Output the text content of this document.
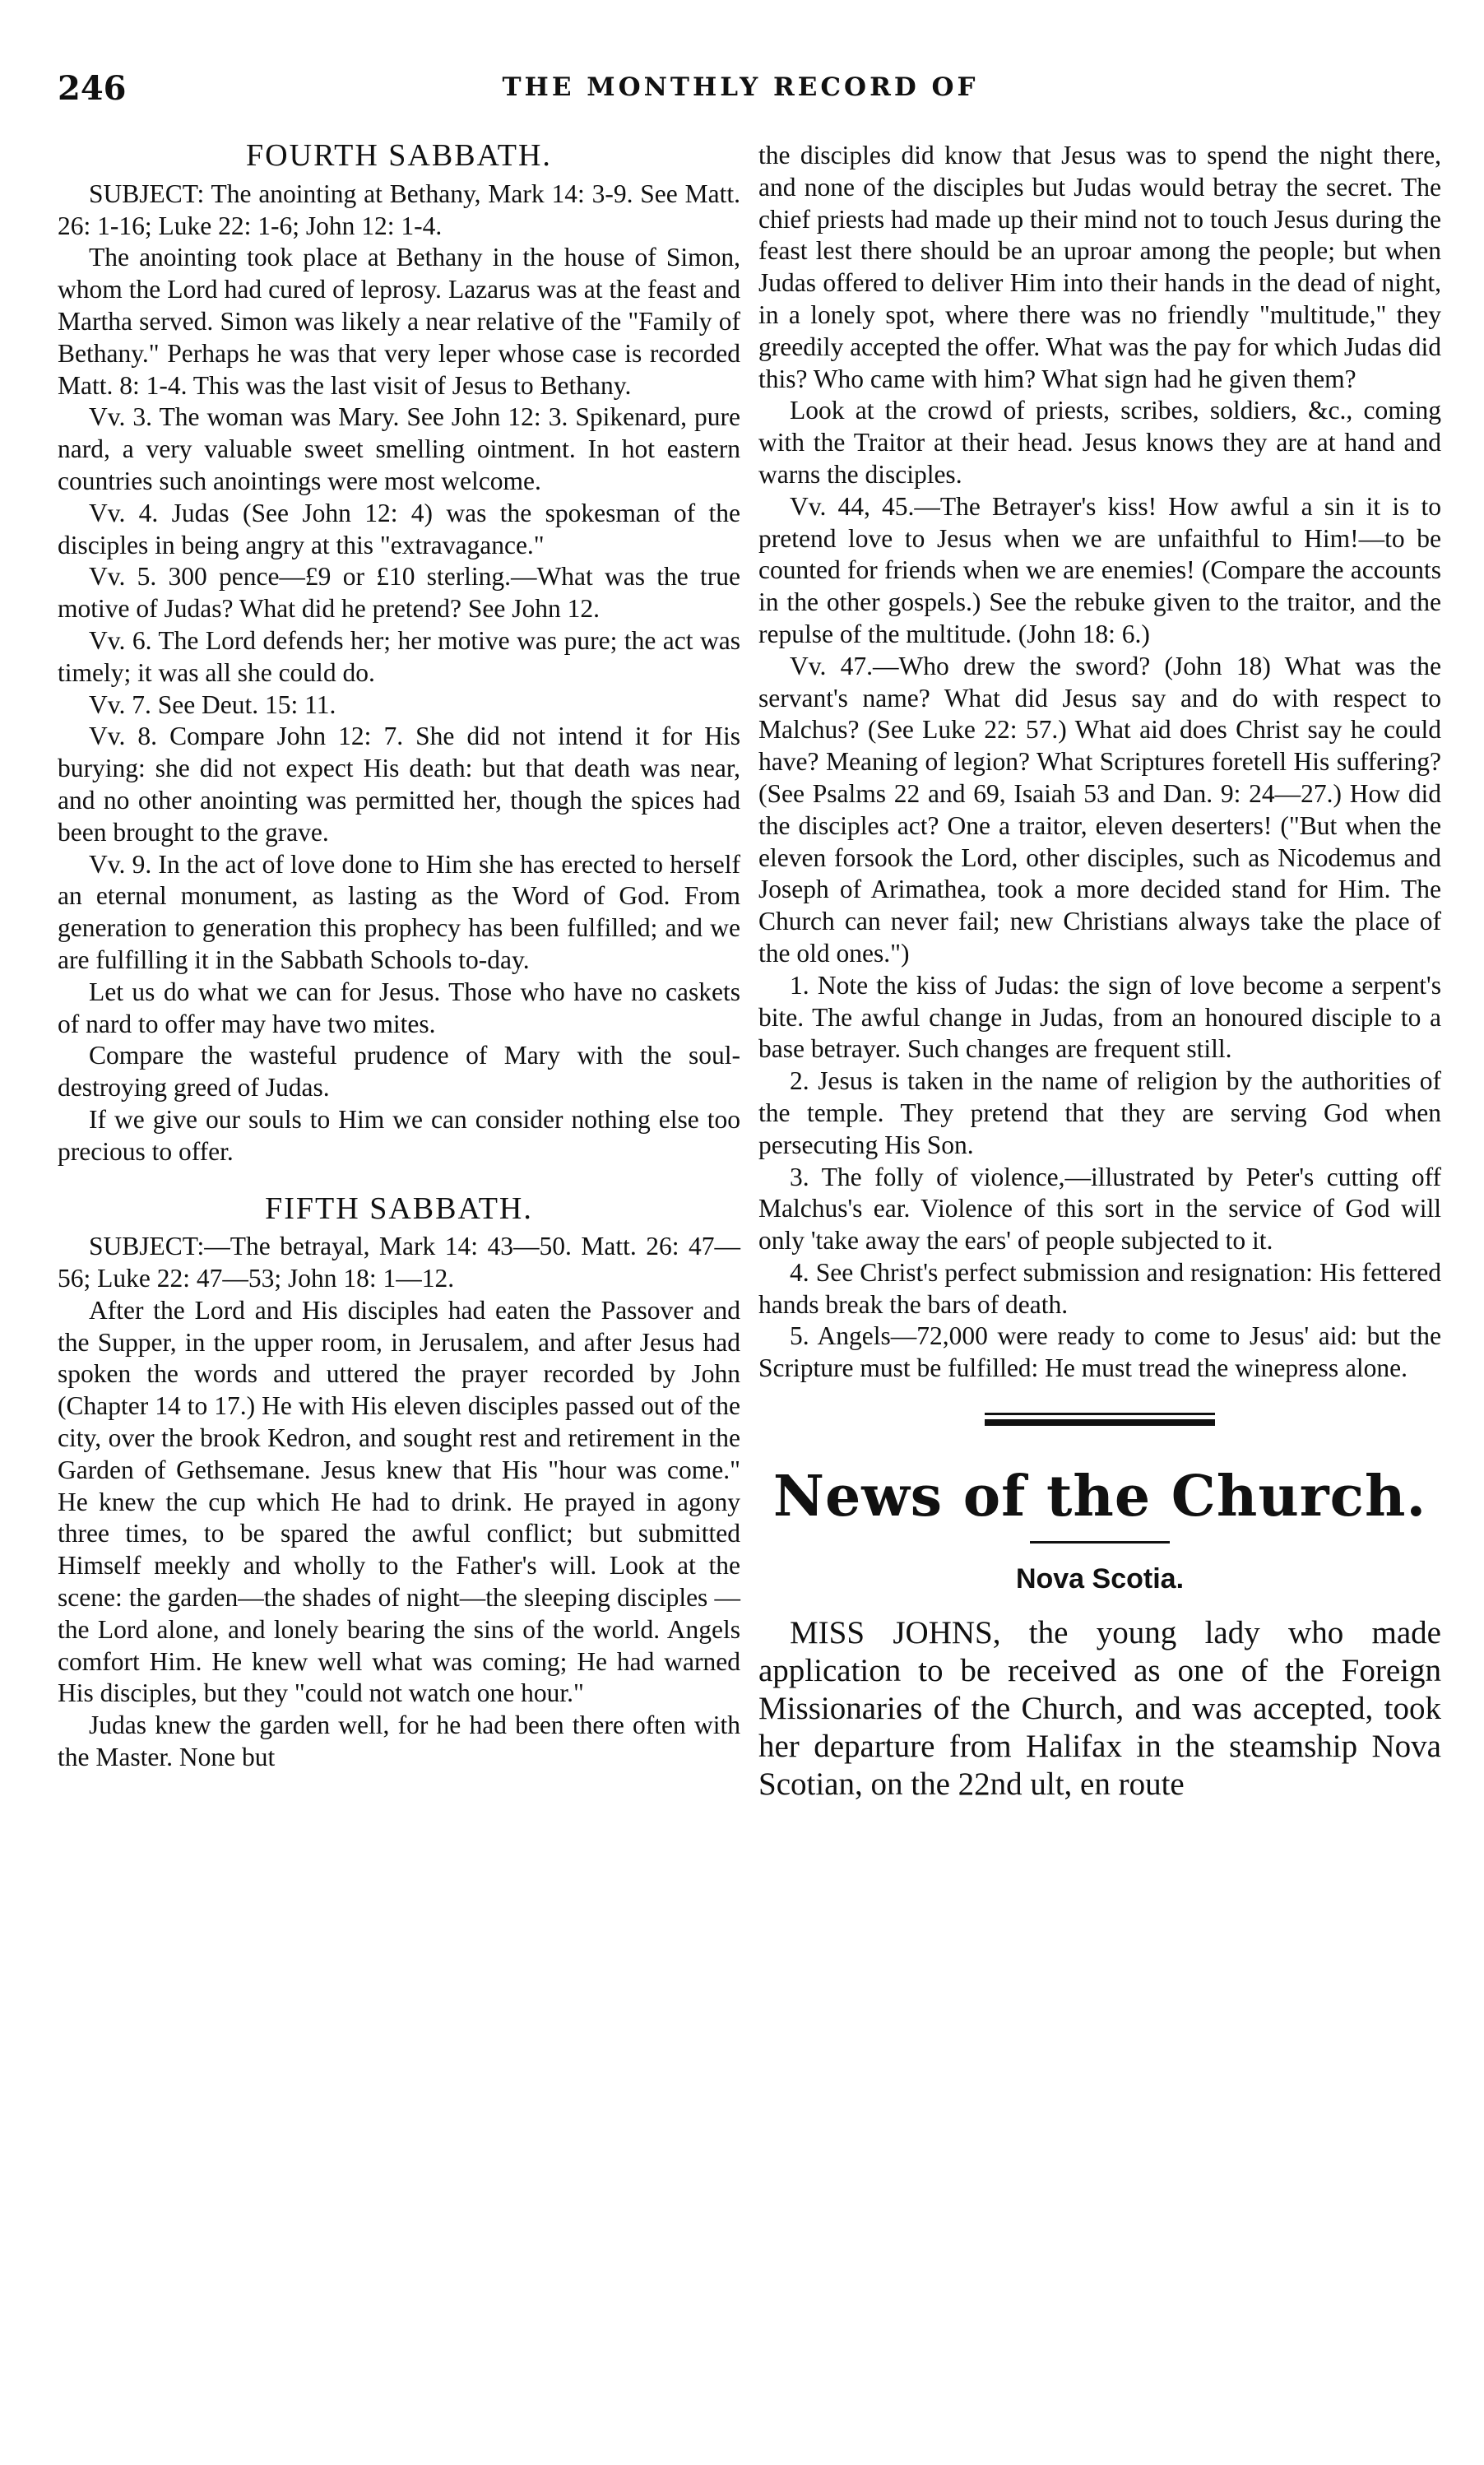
246	THE MONTHLY RECORD OF
FOURTH SABBATH.

SUBJECT: The anointing at Bethany, Mark 14: 3-9. See Matt. 26: 1-16; Luke 22: 1-6; John 12: 1-4.

The anointing took place at Bethany in the house of Simon, whom the Lord had cured of leprosy. Lazarus was at the feast and Martha served. Simon was likely a near relative of the "Family of Bethany." Perhaps he was that very leper whose case is recorded Matt. 8: 1-4. This was the last visit of Jesus to Bethany.

Vv. 3. The woman was Mary. See John 12: 3. Spikenard, pure nard, a very valuable sweet smelling ointment. In hot eastern countries such anointings were most welcome.

Vv. 4. Judas (See John 12: 4) was the spokesman of the disciples in being angry at this "extravagance."

Vv. 5. 300 pence—£9 or £10 sterling.—What was the true motive of Judas? What did he pretend? See John 12.

Vv. 6. The Lord defends her; her motive was pure; the act was timely; it was all she could do.

Vv. 7. See Deut. 15: 11.

Vv. 8. Compare John 12: 7. She did not intend it for His burying: she did not expect His death: but that death was near, and no other anointing was permitted her, though the spices had been brought to the grave.

Vv. 9. In the act of love done to Him she has erected to herself an eternal monument, as lasting as the Word of God. From generation to generation this prophecy has been fulfilled; and we are fulfilling it in the Sabbath Schools to-day.

Let us do what we can for Jesus. Those who have no caskets of nard to offer may have two mites.

Compare the wasteful prudence of Mary with the soul-destroying greed of Judas.

If we give our souls to Him we can consider nothing else too precious to offer.

FIFTH SABBATH.

SUBJECT:—The betrayal, Mark 14: 43—50. Matt. 26: 47—56; Luke 22: 47—53; John 18: 1—12.

After the Lord and His disciples had eaten the Passover and the Supper, in the upper room, in Jerusalem, and after Jesus had spoken the words and uttered the prayer recorded by John (Chapter 14 to 17.) He with His eleven disciples passed out of the city, over the brook Kedron, and sought rest and retirement in the Garden of Gethsemane. Jesus knew that His "hour was come." He knew the cup which He had to drink. He prayed in agony three times, to be spared the awful conflict; but submitted Himself meekly and wholly to the Father's will. Look at the scene: the garden—the shades of night—the sleeping disciples —the Lord alone, and lonely bearing the sins of the world. Angels comfort Him. He knew well what was coming; He had warned His disciples, but they "could not watch one hour."

Judas knew the garden well, for he had been there often with the Master. None but

the disciples did know that Jesus was to spend the night there, and none of the disciples but Judas would betray the secret. The chief priests had made up their mind not to touch Jesus during the feast lest there should be an uproar among the people; but when Judas offered to deliver Him into their hands in the dead of night, in a lonely spot, where there was no friendly "multitude," they greedily accepted the offer. What was the pay for which Judas did this? Who came with him? What sign had he given them?

Look at the crowd of priests, scribes, soldiers, &c., coming with the Traitor at their head. Jesus knows they are at hand and warns the disciples.

Vv. 44, 45.—The Betrayer's kiss! How awful a sin it is to pretend love to Jesus when we are unfaithful to Him!—to be counted for friends when we are enemies! (Compare the accounts in the other gospels.) See the rebuke given to the traitor, and the repulse of the multitude. (John 18: 6.)

Vv. 47.—Who drew the sword? (John 18) What was the servant's name? What did Jesus say and do with respect to Malchus? (See Luke 22: 57.) What aid does Christ say he could have? Meaning of legion? What Scriptures foretell His suffering? (See Psalms 22 and 69, Isaiah 53 and Dan. 9: 24—27.) How did the disciples act? One a traitor, eleven deserters! ("But when the eleven forsook the Lord, other disciples, such as Nicodemus and Joseph of Arimathea, took a more decided stand for Him. The Church can never fail; new Christians always take the place of the old ones.")

1. Note the kiss of Judas: the sign of love become a serpent's bite. The awful change in Judas, from an honoured disciple to a base betrayer. Such changes are frequent still.

2. Jesus is taken in the name of religion by the authorities of the temple. They pretend that they are serving God when persecuting His Son.

3. The folly of violence,—illustrated by Peter's cutting off Malchus's ear. Violence of this sort in the service of God will only 'take away the ears' of people subjected to it.

4. See Christ's perfect submission and resignation: His fettered hands break the bars of death.

5. Angels—72,000 were ready to come to Jesus' aid: but the Scripture must be fulfilled: He must tread the winepress alone.

News of the Church.
Nova Scotia.

MISS JOHNS, the young lady who made application to be received as one of the Foreign Missionaries of the Church, and was accepted, took her departure from Halifax in the steamship Nova Scotian, on the 22nd ult, en route
